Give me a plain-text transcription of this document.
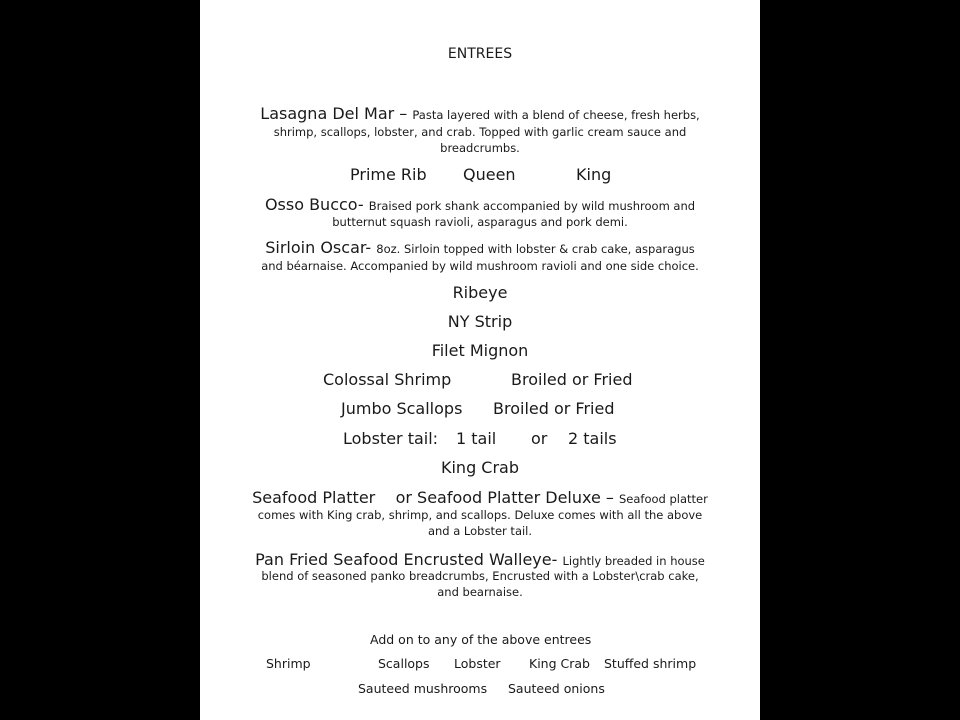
ENTREES
Lasagna Del Mar – Pasta layered with a blend of cheese, fresh herbs,
shrimp, scallops, lobster, and crab. Topped with garlic cream sauce and
breadcrumbs.
Prime Rib Queen	King
Osso Bucco- Braised pork shank accompanied by wild mushroom and
butternut squash ravioli, asparagus and pork demi.
Sirloin Oscar- 8oz. Sirloin topped with lobster & crab cake, asparagus
and béarnaise. Accompanied by wild mushroom ravioli and one side choice.
Ribeye
NY Strip
Filet Mignon
Colossal Shrimp	Broiled or Fried
Jumbo Scallops Broiled or Fried
Lobster tail: 1 tail or 2 tails
King Crab
Seafood Platter or Seafood Platter Deluxe – Seafood platter
comes with King crab, shrimp, and scallops. Deluxe comes with all the above
and a Lobster tail.
Pan Fried Seafood Encrusted Walleye- Lightly breaded in house
blend of seasoned panko breadcrumbs, Encrusted with a Lobster\crab cake,
and bearnaise.
Add on to any of the above entrees
Shrimp	Scallops Lobster King Crab Stuffed shrimp
Sauteed mushrooms Sauteed onions
